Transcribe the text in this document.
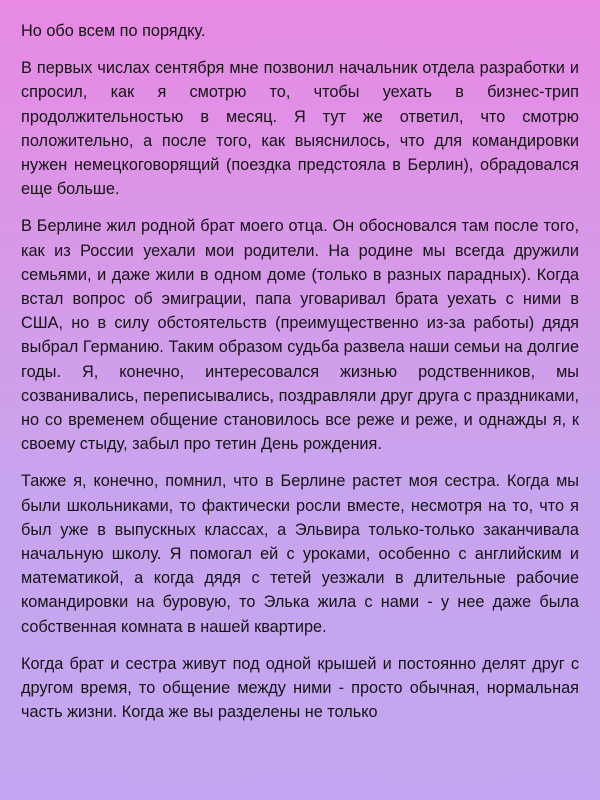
Но обо всем по порядку.

В первых числах сентября мне позвонил начальник отдела разработки и спросил, как я смотрю то, чтобы уехать в бизнес-трип продолжительностью в месяц. Я тут же ответил, что смотрю положительно, а после того, как выяснилось, что для командировки нужен немецкоговорящий (поездка предстояла в Берлин), обрадовался еще больше.

В Берлине жил родной брат моего отца. Он обосновался там после того, как из России уехали мои родители. На родине мы всегда дружили семьями, и даже жили в одном доме (только в разных парадных). Когда встал вопрос об эмиграции, папа уговаривал брата уехать с ними в США, но в силу обстоятельств (преимущественно из-за работы) дядя выбрал Германию. Таким образом судьба развела наши семьи на долгие годы. Я, конечно, интересовался жизнью родственников, мы созванивались, переписывались, поздравляли друг друга с праздниками, но со временем общение становилось все реже и реже, и однажды я, к своему стыду, забыл про тетин День рождения.

Также я, конечно, помнил, что в Берлине растет моя сестра. Когда мы были школьниками, то фактически росли вместе, несмотря на то, что я был уже в выпускных классах, а Эльвира только-только заканчивала начальную школу. Я помогал ей с уроками, особенно с английским и математикой, а когда дядя с тетей уезжали в длительные рабочие командировки на буровую, то Элька жила с нами - у нее даже была собственная комната в нашей квартире.

Когда брат и сестра живут под одной крышей и постоянно делят друг с другом время, то общение между ними - просто обычная, нормальная часть жизни. Когда же вы разделены не только
